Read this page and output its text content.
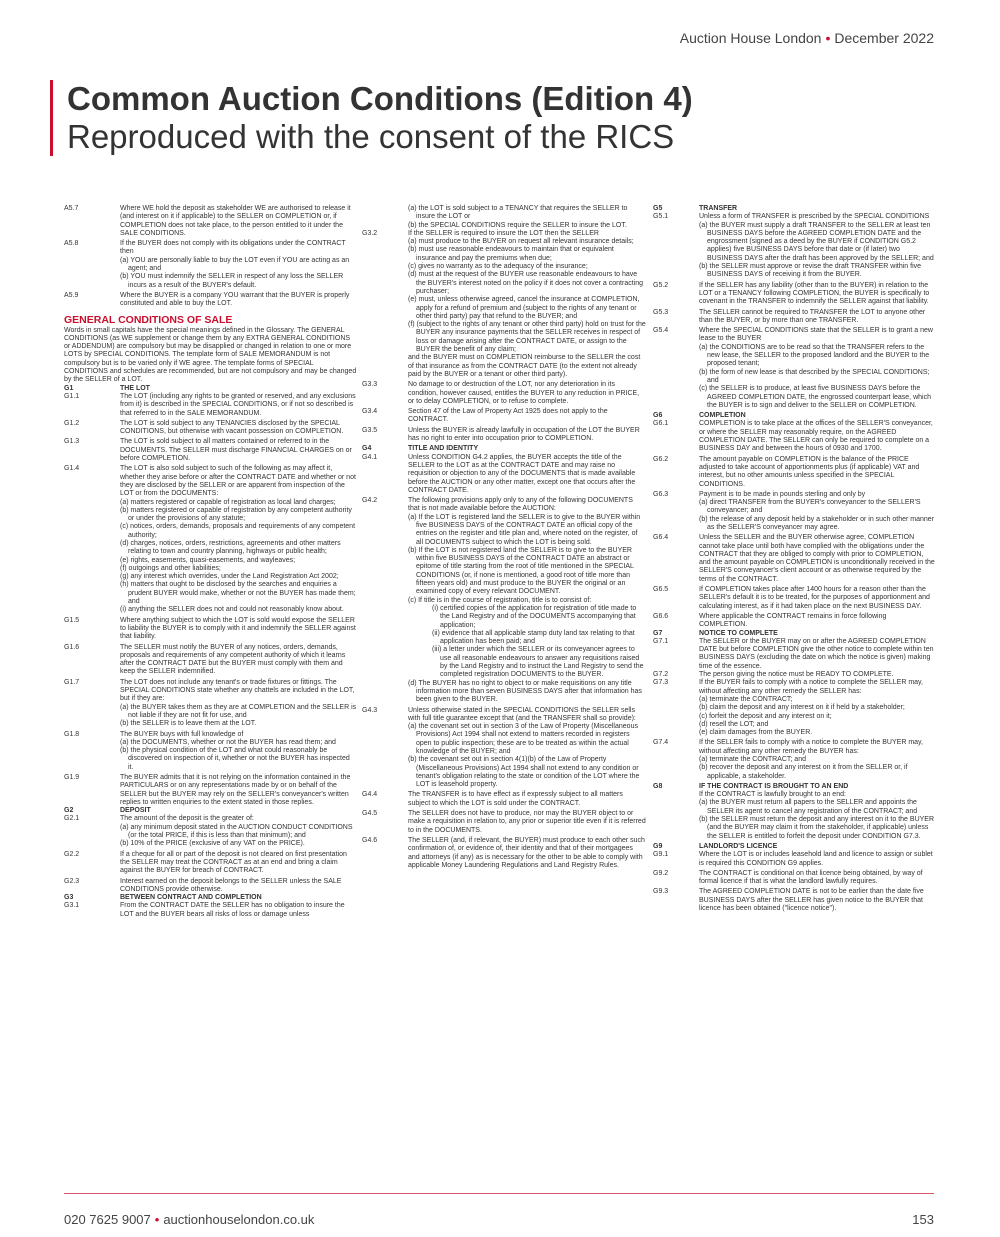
Auction House London • December 2022
Common Auction Conditions (Edition 4)
Reproduced with the consent of the RICS
A5.7	Where WE hold the deposit as stakeholder WE are authorised to release it (and interest on it if applicable) to the SELLER on COMPLETION or, if COMPLETION does not take place, to the person entitled to it under the SALE CONDITIONS.
A5.8	If the BUYER does not comply with its obligations under the CONTRACT then
(a) YOU are personally liable to buy the LOT even if YOU are acting as an agent; and
(b) YOU must indemnify the SELLER in respect of any loss the SELLER incurs as a result of the BUYER's default.
A5.9	Where the BUYER is a company YOU warrant that the BUYER is properly constituted and able to buy the LOT.
GENERAL CONDITIONS OF SALE
Words in small capitals have the special meanings defined in the Glossary. The GENERAL CONDITIONS (as WE supplement or change them by any EXTRA GENERAL CONDITIONS or ADDENDUM) are compulsory but may be disapplied or changed in relation to one or more LOTS by SPECIAL CONDITIONS. The template form of SALE MEMORANDUM is not compulsory but is to be varied only if WE agree. The template forms of SPECIAL CONDITIONS and schedules are recommended, but are not compulsory and may be changed by the SELLER of a LOT.
G1	THE LOT
G1.1	The LOT (including any rights to be granted or reserved, and any exclusions from it) is described in the SPECIAL CONDITIONS, or if not so described is that referred to in the SALE MEMORANDUM.
G1.2	The LOT is sold subject to any TENANCIES disclosed by the SPECIAL CONDITIONS, but otherwise with vacant possession on COMPLETION.
G1.3	The LOT is sold subject to all matters contained or referred to in the DOCUMENTS. The SELLER must discharge FINANCIAL CHARGES on or before COMPLETION.
G1.4	The LOT is also sold subject to such of the following as may affect it, whether they arise before or after the CONTRACT DATE and whether or not they are disclosed by the SELLER or are apparent from inspection of the LOT or from the DOCUMENTS:
(a) matters registered or capable of registration as local land charges;
(b) matters registered or capable of registration by any competent authority or under the provisions of any statute;
(c) notices, orders, demands, proposals and requirements of any competent authority;
(d) charges, notices, orders, restrictions, agreements and other matters relating to town and country planning, highways or public health;
(e) rights, easements, quasi-easements, and wayleaves;
(f) outgoings and other liabilities;
(g) any interest which overrides, under the Land Registration Act 2002;
(h) matters that ought to be disclosed by the searches and enquiries a prudent BUYER would make, whether or not the BUYER has made them; and
(i) anything the SELLER does not and could not reasonably know about.
G1.5	Where anything subject to which the LOT is sold would expose the SELLER to liability the BUYER is to comply with it and indemnify the SELLER against that liability.
G1.6	The SELLER must notify the BUYER of any notices, orders, demands, proposals and requirements of any competent authority of which it learns after the CONTRACT DATE but the BUYER must comply with them and keep the SELLER indemnified.
G1.7	The LOT does not include any tenant's or trade fixtures or fittings. The SPECIAL CONDITIONS state whether any chattels are included in the LOT, but if they are:
(a) the BUYER takes them as they are at COMPLETION and the SELLER is not liable if they are not fit for use, and
(b) the SELLER is to leave them at the LOT.
G1.8	The BUYER buys with full knowledge of
(a) the DOCUMENTS, whether or not the BUYER has read them; and
(b) the physical condition of the LOT and what could reasonably be discovered on inspection of it, whether or not the BUYER has inspected it.
G1.9	The BUYER admits that it is not relying on the information contained in the PARTICULARS or on any representations made by or on behalf of the SELLER but the BUYER may rely on the SELLER's conveyancer's written replies to written enquiries to the extent stated in those replies.
G2	DEPOSIT
G2.1	The amount of the deposit is the greater of:
(a) any minimum deposit stated in the AUCTION CONDUCT CONDITIONS (or the total PRICE, if this is less than that minimum); and
(b) 10% of the PRICE (exclusive of any VAT on the PRICE).
G2.2	If a cheque for all or part of the deposit is not cleared on first presentation the SELLER may treat the CONTRACT as at an end and bring a claim against the BUYER for breach of CONTRACT.
G2.3	Interest earned on the deposit belongs to the SELLER unless the SALE CONDITIONS provide otherwise.
G3	BETWEEN CONTRACT AND COMPLETION
G3.1	From the CONTRACT DATE the SELLER has no obligation to insure the LOT and the BUYER bears all risks of loss or damage unless
(a) the LOT is sold subject to a TENANCY that requires the SELLER to insure the LOT or
(b) the SPECIAL CONDITIONS require the SELLER to insure the LOT.
G3.2	If the SELLER is required to insure the LOT then the SELLER
(a) must produce to the BUYER on request all relevant insurance details;
(b) must use reasonable endeavours to maintain that or equivalent insurance and pay the premiums when due;
(c) gives no warranty as to the adequacy of the insurance;
(d) must at the request of the BUYER use reasonable endeavours to have the BUYER's interest noted on the policy if it does not cover a contracting purchaser;
(e) must, unless otherwise agreed, cancel the insurance at COMPLETION, apply for a refund of premium and (subject to the rights of any tenant or other third party) pay that refund to the BUYER; and
(f) (subject to the rights of any tenant or other third party) hold on trust for the BUYER any insurance payments that the SELLER receives in respect of loss or damage arising after the CONTRACT DATE, or assign to the BUYER the benefit of any claim;
and the BUYER must on COMPLETION reimburse to the SELLER the cost of that insurance as from the CONTRACT DATE (to the extent not already paid by the BUYER or a tenant or other third party).
G3.3	No damage to or destruction of the LOT, nor any deterioration in its condition, however caused, entitles the BUYER to any reduction in PRICE, or to delay COMPLETION, or to refuse to complete.
G3.4	Section 47 of the Law of Property Act 1925 does not apply to the CONTRACT.
G3.5	Unless the BUYER is already lawfully in occupation of the LOT the BUYER has no right to enter into occupation prior to COMPLETION.
G4	TITLE AND IDENTITY
G4.1	Unless CONDITION G4.2 applies, the BUYER accepts the title of the SELLER to the LOT as at the CONTRACT DATE and may raise no requisition or objection to any of the DOCUMENTS that is made available before the AUCTION or any other matter, except one that occurs after the CONTRACT DATE.
G4.2	The following provisions apply only to any of the following DOCUMENTS that is not made available before the AUCTION:
(a) If the LOT is registered land the SELLER is to give to the BUYER within five BUSINESS DAYS of the CONTRACT DATE an official copy of the entries on the register and title plan and, where noted on the register, of all DOCUMENTS subject to which the LOT is being sold.
(b) If the LOT is not registered land the SELLER is to give to the BUYER within five BUSINESS DAYS of the CONTRACT DATE an abstract or epitome of title starting from the root of title mentioned in the SPECIAL CONDITIONS (or, if none is mentioned, a good root of title more than fifteen years old) and must produce to the BUYER the original or an examined copy of every relevant DOCUMENT.
(c) If title is in the course of registration, title is to consist of:
(i) certified copies of the application for registration of title made to the Land Registry and of the DOCUMENTS accompanying that application;
(ii) evidence that all applicable stamp duty land tax relating to that application has been paid; and
(iii) a letter under which the SELLER or its conveyancer agrees to use all reasonable endeavours to answer any requisitions raised by the Land Registry and to instruct the Land Registry to send the completed registration DOCUMENTS to the BUYER.
(d) The BUYER has no right to object to or make requisitions on any title information more than seven BUSINESS DAYS after that information has been given to the BUYER.
G4.3	Unless otherwise stated in the SPECIAL CONDITIONS the SELLER sells with full title guarantee except that (and the TRANSFER shall so provide):
(a) the covenant set out in section 3 of the Law of Property (Miscellaneous Provisions) Act 1994 shall not extend to matters recorded in registers open to public inspection; these are to be treated as within the actual knowledge of the BUYER; and
(b) the covenant set out in section 4(1)(b) of the Law of Property (Miscellaneous Provisions) Act 1994 shall not extend to any condition or tenant's obligation relating to the state or condition of the LOT where the LOT is leasehold property.
G4.4	The TRANSFER is to have effect as if expressly subject to all matters subject to which the LOT is sold under the CONTRACT.
G4.5	The SELLER does not have to produce, nor may the BUYER object to or make a requisition in relation to, any prior or superior title even if it is referred to in the DOCUMENTS.
G4.6	The SELLER (and, if relevant, the BUYER) must produce to each other such confirmation of, or evidence of, their identity and that of their mortgagees and attorneys (if any) as is necessary for the other to be able to comply with applicable Money Laundering Regulations and Land Registry Rules.
G5	TRANSFER
G5.1	Unless a form of TRANSFER is prescribed by the SPECIAL CONDITIONS
(a) the BUYER must supply a draft TRANSFER to the SELLER at least ten BUSINESS DAYS before the AGREED COMPLETION DATE and the engrossment (signed as a deed by the BUYER if CONDITION G5.2 applies) five BUSINESS DAYS before that date or (if later) two BUSINESS DAYS after the draft has been approved by the SELLER; and
(b) the SELLER must approve or revise the draft TRANSFER within five BUSINESS DAYS of receiving it from the BUYER.
G5.2	If the SELLER has any liability (other than to the BUYER) in relation to the LOT or a TENANCY following COMPLETION, the BUYER is specifically to covenant in the TRANSFER to indemnify the SELLER against that liability.
G5.3	The SELLER cannot be required to TRANSFER the LOT to anyone other than the BUYER, or by more than one TRANSFER.
G5.4	Where the SPECIAL CONDITIONS state that the SELLER is to grant a new lease to the BUYER
(a) the CONDITIONS are to be read so that the TRANSFER refers to the new lease, the SELLER to the proposed landlord and the BUYER to the proposed tenant;
(b) the form of new lease is that described by the SPECIAL CONDITIONS; and
(c) the SELLER is to produce, at least five BUSINESS DAYS before the AGREED COMPLETION DATE, the engrossed counterpart lease, which the BUYER is to sign and deliver to the SELLER on COMPLETION.
G6	COMPLETION
G6.1	COMPLETION is to take place at the offices of the SELLER'S conveyancer, or where the SELLER may reasonably require, on the AGREED COMPLETION DATE. The SELLER can only be required to complete on a BUSINESS DAY and between the hours of 0930 and 1700.
G6.2	The amount payable on COMPLETION is the balance of the PRICE adjusted to take account of apportionments plus (if applicable) VAT and interest, but no other amounts unless specified in the SPECIAL CONDITIONS.
G6.3	Payment is to be made in pounds sterling and only by
(a) direct TRANSFER from the BUYER's conveyancer to the SELLER'S conveyancer; and
(b) the release of any deposit held by a stakeholder or in such other manner as the SELLER'S conveyancer may agree.
G6.4	Unless the SELLER and the BUYER otherwise agree, COMPLETION cannot take place until both have complied with the obligations under the CONTRACT that they are obliged to comply with prior to COMPLETION, and the amount payable on COMPLETION is unconditionally received in the SELLER'S conveyancer's client account or as otherwise required by the terms of the CONTRACT.
G6.5	If COMPLETION takes place after 1400 hours for a reason other than the SELLER's default it is to be treated, for the purposes of apportionment and calculating interest, as if it had taken place on the next BUSINESS DAY.
G6.6	Where applicable the CONTRACT remains in force following COMPLETION.
G7	NOTICE TO COMPLETE
G7.1	The SELLER or the BUYER may on or after the AGREED COMPLETION DATE but before COMPLETION give the other notice to complete within ten BUSINESS DAYS (excluding the date on which the notice is given) making time of the essence.
G7.2	The person giving the notice must be READY TO COMPLETE.
G7.3	If the BUYER fails to comply with a notice to complete the SELLER may, without affecting any other remedy the SELLER has:
(a) terminate the CONTRACT;
(b) claim the deposit and any interest on it if held by a stakeholder;
(c) forfeit the deposit and any interest on it;
(d) resell the LOT; and
(e) claim damages from the BUYER.
G7.4	If the SELLER fails to comply with a notice to complete the BUYER may, without affecting any other remedy the BUYER has:
(a) terminate the CONTRACT; and
(b) recover the deposit and any interest on it from the SELLER or, if applicable, a stakeholder.
G8	IF THE CONTRACT IS BROUGHT TO AN END
If the CONTRACT is lawfully brought to an end:
(a) the BUYER must return all papers to the SELLER and appoints the SELLER its agent to cancel any registration of the CONTRACT; and
(b) the SELLER must return the deposit and any interest on it to the BUYER (and the BUYER may claim it from the stakeholder, if applicable) unless the SELLER is entitled to forfeit the deposit under CONDITION G7.3.
G9	LANDLORD'S LICENCE
G9.1	Where the LOT is or includes leasehold land and licence to assign or sublet is required this CONDITION G9 applies.
G9.2	The CONTRACT is conditional on that licence being obtained, by way of formal licence if that is what the landlord lawfully requires.
G9.3	The AGREED COMPLETION DATE is not to be earlier than the date five BUSINESS DAYS after the SELLER has given notice to the BUYER that licence has been obtained ("licence notice").
020 7625 9007 • auctionhouselondon.co.uk	153
